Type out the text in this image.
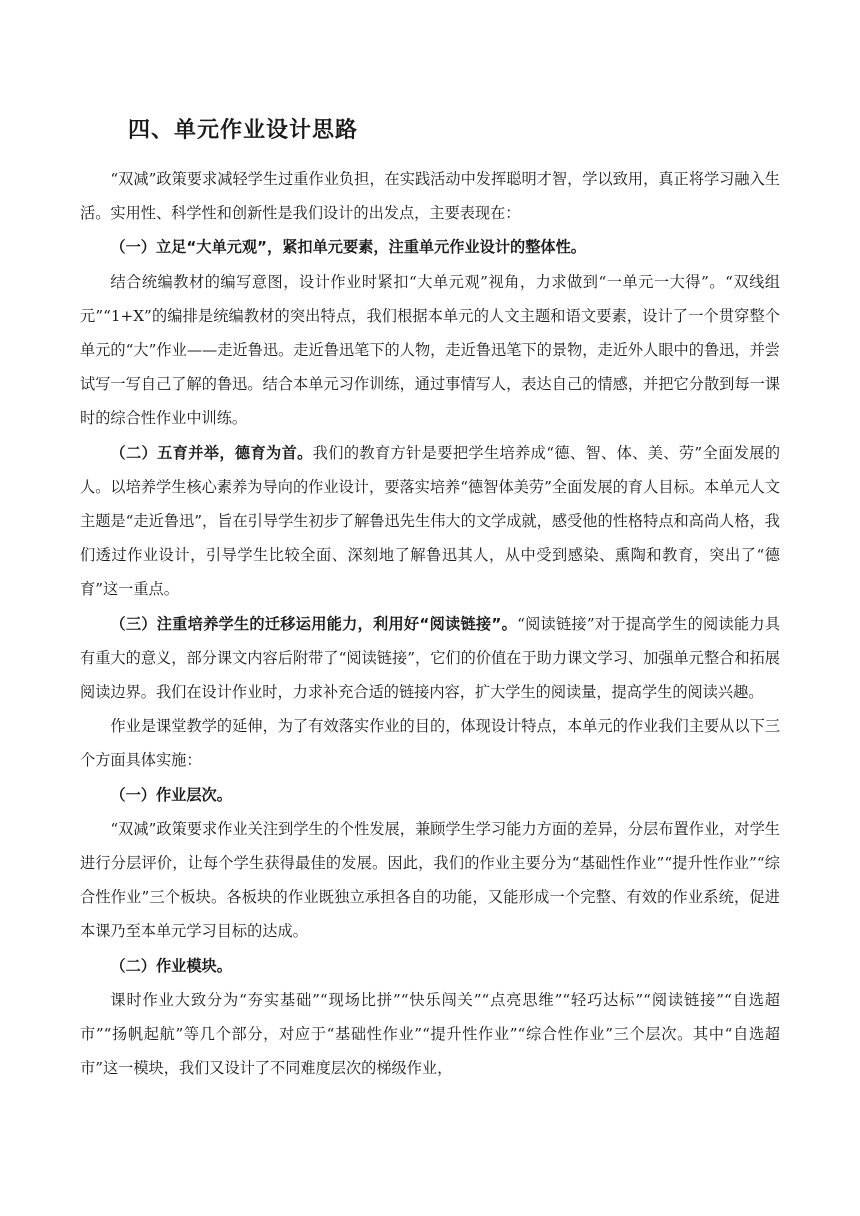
四、单元作业设计思路

“双减”政策要求减轻学生过重作业负担，在实践活动中发挥聪明才智，学以致用，真正将学习融入生活。实用性、科学性和创新性是我们设计的出发点，主要表现在：

（一）立足“大单元观”，紧扣单元要素，注重单元作业设计的整体性。

结合统编教材的编写意图，设计作业时紧扣“大单元观”视角，力求做到“一单元一大得”。“双线组元”“1+X”的编排是统编教材的突出特点，我们根据本单元的人文主题和语文要素，设计了一个贯穿整个单元的“大”作业——走近鲁迅。走近鲁迅笔下的人物，走近鲁迅笔下的景物，走近外人眼中的鲁迅，并尝试写一写自己了解的鲁迅。结合本单元习作训练，通过事情写人，表达自己的情感，并把它分散到每一课时的综合性作业中训练。

（二）五育并举，德育为首。我们的教育方针是要把学生培养成“德、智、体、美、劳”全面发展的人。以培养学生核心素养为导向的作业设计，要落实培养“德智体美劳”全面发展的育人目标。本单元人文主题是“走近鲁迅”，旨在引导学生初步了解鲁迅先生伟大的文学成就，感受他的性格特点和高尚人格，我们透过作业设计，引导学生比较全面、深刻地了解鲁迅其人，从中受到感染、熏陶和教育，突出了“德育”这一重点。

（三）注重培养学生的迁移运用能力，利用好“阅读链接”。“阅读链接”对于提高学生的阅读能力具有重大的意义，部分课文内容后附带了“阅读链接”，它们的价值在于助力课文学习、加强单元整合和拓展阅读边界。我们在设计作业时，力求补充合适的链接内容，扩大学生的阅读量，提高学生的阅读兴趣。

作业是课堂教学的延伸，为了有效落实作业的目的，体现设计特点，本单元的作业我们主要从以下三个方面具体实施：

（一）作业层次。

“双减”政策要求作业关注到学生的个性发展，兼顾学生学习能力方面的差异，分层布置作业，对学生进行分层评价，让每个学生获得最佳的发展。因此，我们的作业主要分为“基础性作业”“提升性作业”“综合性作业”三个板块。各板块的作业既独立承担各自的功能，又能形成一个完整、有效的作业系统，促进本课乃至本单元学习目标的达成。

（二）作业模块。

课时作业大致分为“夯实基础”“现场比拼”“快乐闯关”“点亮思维”“轻巧达标”“阅读链接”“自选超市”“扬帆起航”等几个部分，对应于“基础性作业”“提升性作业”“综合性作业”三个层次。其中“自选超市”这一模块，我们又设计了不同难度层次的梯级作业，
